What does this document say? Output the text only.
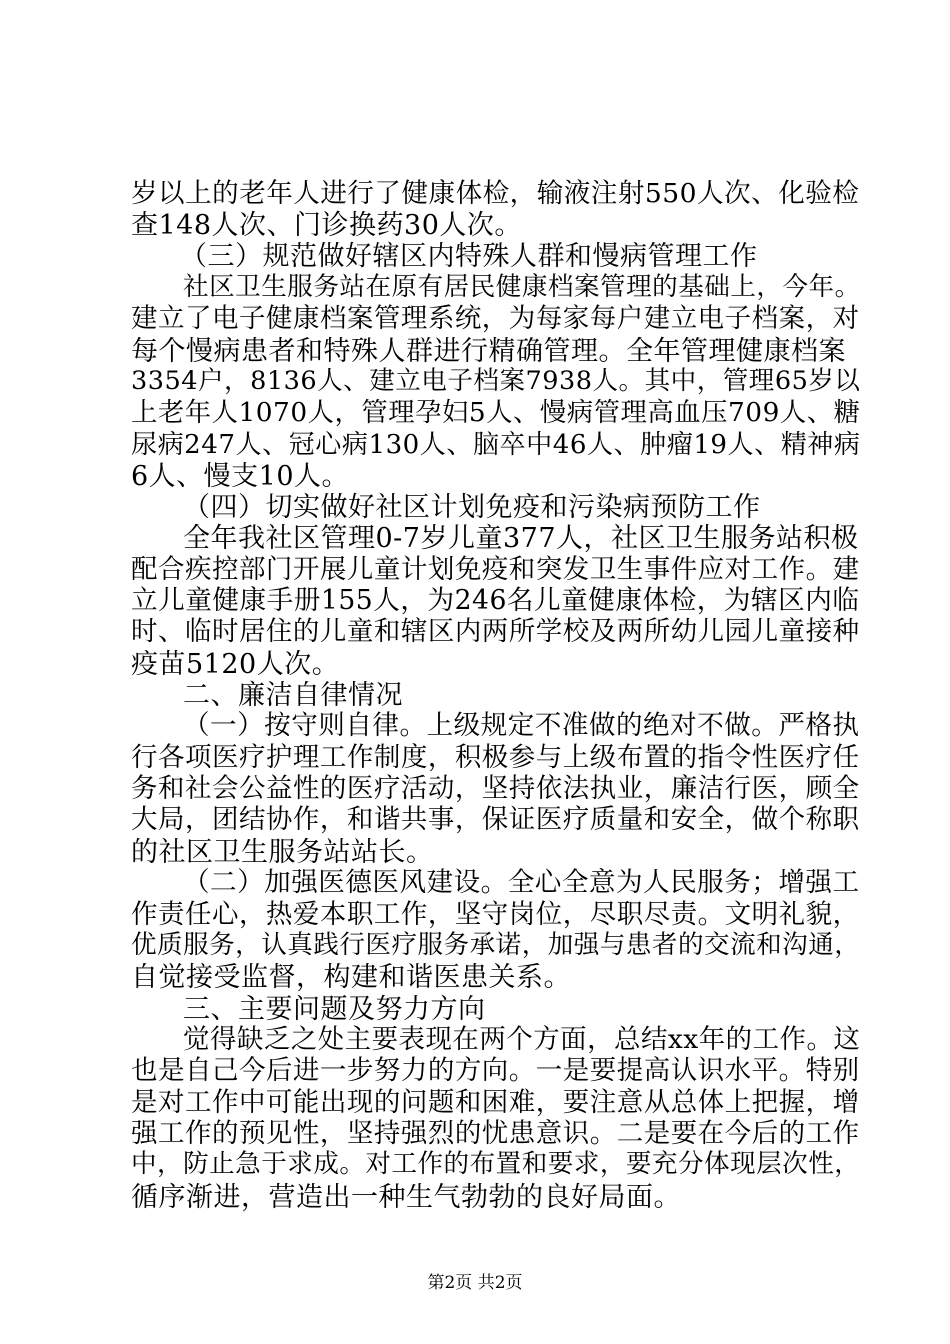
岁以上的老年人进行了健康体检，输液注射550人次、化验检
查148人次、门诊换药30人次。
（三）规范做好辖区内特殊人群和慢病管理工作
社区卫生服务站在原有居民健康档案管理的基础上，今年。
建立了电子健康档案管理系统，为每家每户建立电子档案，对
每个慢病患者和特殊人群进行精确管理。全年管理健康档案
3354户，8136人、建立电子档案7938人。其中，管理65岁以
上老年人1070人，管理孕妇5人、慢病管理高血压709人、糖
尿病247人、冠心病130人、脑卒中46人、肿瘤19人、精神病
6人、慢支10人。
（四）切实做好社区计划免疫和污染病预防工作
全年我社区管理0-7岁儿童377人，社区卫生服务站积极
配合疾控部门开展儿童计划免疫和突发卫生事件应对工作。建
立儿童健康手册155人，为246名儿童健康体检，为辖区内临
时、临时居住的儿童和辖区内两所学校及两所幼儿园儿童接种
疫苗5120人次。
二、廉洁自律情况
（一）按守则自律。上级规定不准做的绝对不做。严格执
行各项医疗护理工作制度，积极参与上级布置的指令性医疗任
务和社会公益性的医疗活动，坚持依法执业，廉洁行医，顾全
大局，团结协作，和谐共事，保证医疗质量和安全，做个称职
的社区卫生服务站站长。
（二）加强医德医风建设。全心全意为人民服务；增强工
作责任心，热爱本职工作，坚守岗位，尽职尽责。文明礼貌，
优质服务，认真践行医疗服务承诺，加强与患者的交流和沟通，
自觉接受监督，构建和谐医患关系。
三、主要问题及努力方向
觉得缺乏之处主要表现在两个方面，总结xx年的工作。这
也是自己今后进一步努力的方向。一是要提高认识水平。特别
是对工作中可能出现的问题和困难，要注意从总体上把握，增
强工作的预见性，坚持强烈的忧患意识。二是要在今后的工作
中，防止急于求成。对工作的布置和要求，要充分体现层次性，
循序渐进，营造出一种生气勃勃的良好局面。
第2页 共2页
